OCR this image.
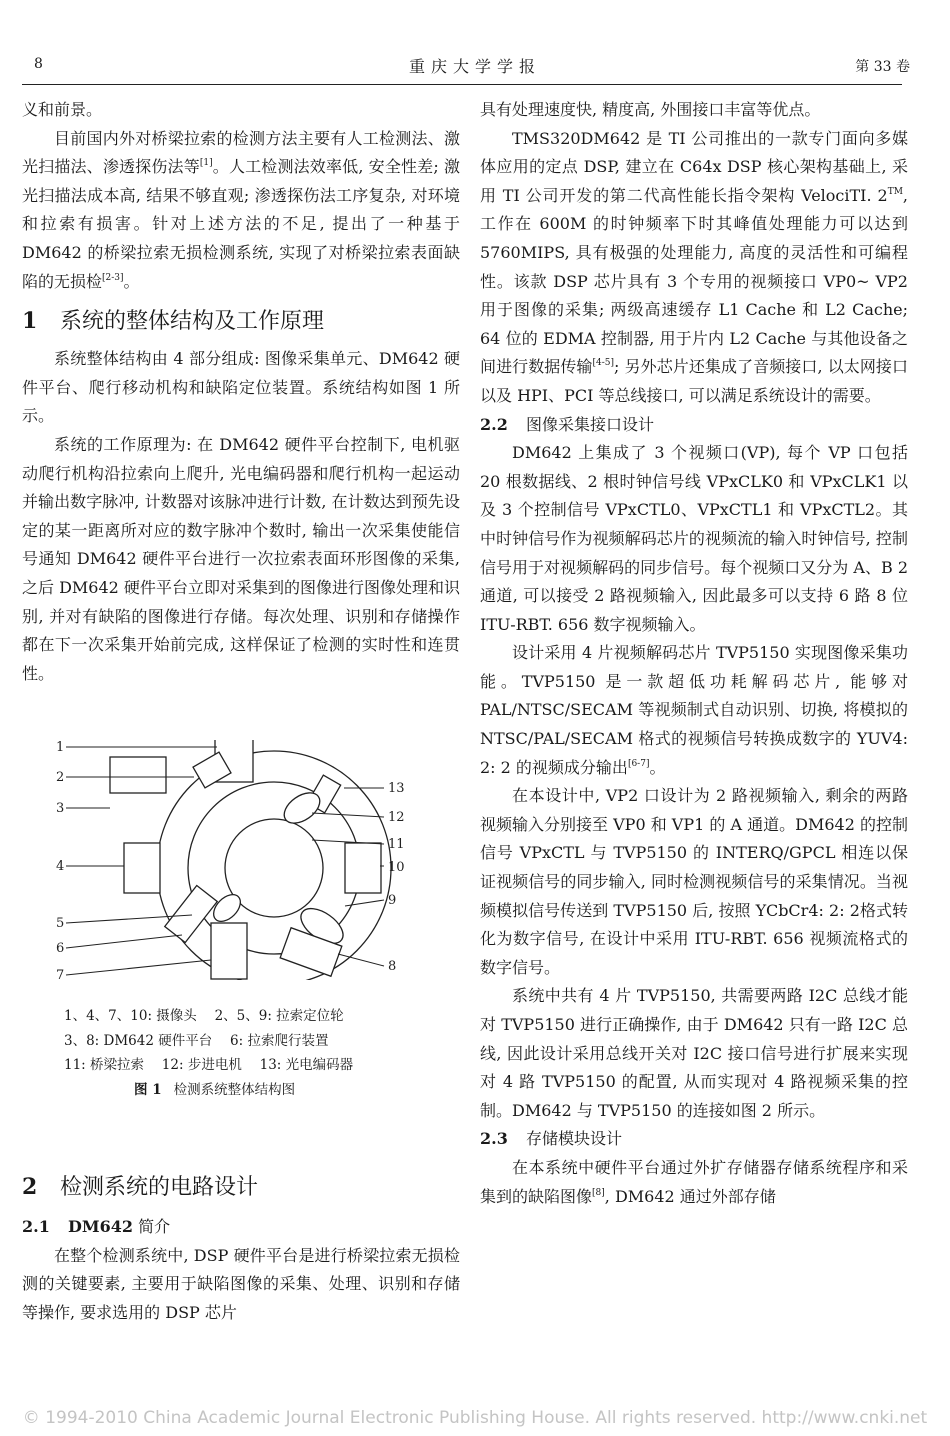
8	重庆大学学报	第 33 卷

义和前景。

目前国内外对桥梁拉索的检测方法主要有人工检测法、激光扫描法、渗透探伤法等[1]。人工检测法效率低, 安全性差; 激光扫描法成本高, 结果不够直观; 渗透探伤法工序复杂, 对环境和拉索有损害。针对上述方法的不足, 提出了一种基于 DM642 的桥梁拉索无损检测系统, 实现了对桥梁拉索表面缺陷的无损检[2-3]。

1 系统的整体结构及工作原理

系统整体结构由 4 部分组成: 图像采集单元、DM642 硬件平台、爬行移动机构和缺陷定位装置。系统结构如图 1 所示。

系统的工作原理为: 在 DM642 硬件平台控制下, 电机驱动爬行机构沿拉索向上爬升, 光电编码器和爬行机构一起运动并输出数字脉冲, 计数器对该脉冲进行计数, 在计数达到预先设定的某一距离所对应的数字脉冲个数时, 输出一次采集使能信号通知 DM642 硬件平台进行一次拉索表面环形图像的采集, 之后 DM642 硬件平台立即对采集到的图像进行图像处理和识别, 并对有缺陷的图像进行存储。每次处理、识别和存储操作都在下一次采集开始前完成, 这样保证了检测的实时性和连贯性。

1
2
3
4
5
6
7
13
12
11
10
9
8
1、4、7、10: 摄像头　 2、5、9: 拉索定位轮
3、8: DM642 硬件平台　 6: 拉索爬行装置
11: 桥梁拉索　 12: 步进电机　 13: 光电编码器
图 1 检测系统整体结构图
2 检测系统的电路设计
2.1 DM642 简介

在整个检测系统中, DSP 硬件平台是进行桥梁拉索无损检测的关键要素, 主要用于缺陷图像的采集、处理、识别和存储等操作, 要求选用的 DSP 芯片

具有处理速度快, 精度高, 外围接口丰富等优点。

TMS320DM642 是 TI 公司推出的一款专门面向多媒体应用的定点 DSP, 建立在 C64x DSP 核心架构基础上, 采用 TI 公司开发的第二代高性能长指令架构 VelociTI. 2™, 工作在 600M 的时钟频率下时其峰值处理能力可以达到 5760MIPS, 具有极强的处理能力, 高度的灵活性和可编程性。该款 DSP 芯片具有 3 个专用的视频接口 VP0~ VP2 用于图像的采集; 两级高速缓存 L1 Cache 和 L2 Cache; 64 位的 EDMA 控制器, 用于片内 L2 Cache 与其他设备之间进行数据传输[4-5]; 另外芯片还集成了音频接口, 以太网接口以及 HPI、PCI 等总线接口, 可以满足系统设计的需要。

2.2 图像采集接口设计

DM642 上集成了 3 个视频口(VP), 每个 VP 口包括 20 根数据线、2 根时钟信号线 VPxCLK0 和 VPxCLK1 以及 3 个控制信号 VPxCTL0、VPxCTL1 和 VPxCTL2。其中时钟信号作为视频解码芯片的视频流的输入时钟信号, 控制信号用于对视频解码的同步信号。每个视频口又分为 A、B 2 通道, 可以接受 2 路视频输入, 因此最多可以支持 6 路 8 位 ITU-RBT. 656 数字视频输入。

设计采用 4 片视频解码芯片 TVP5150 实现图像采集功能。TVP5150 是一款超低功耗解码芯片, 能够对 PAL/NTSC/SECAM 等视频制式自动识别、切换, 将模拟的 NTSC/PAL/SECAM 格式的视频信号转换成数字的 YUV4: 2: 2 的视频成分输出[6-7]。

在本设计中, VP2 口设计为 2 路视频输入, 剩余的两路视频输入分别接至 VP0 和 VP1 的 A 通道。DM642 的控制信号 VPxCTL 与 TVP5150 的 INTERQ/GPCL 相连以保证视频信号的同步输入, 同时检测视频信号的采集情况。当视频模拟信号传送到 TVP5150 后, 按照 YCbCr4: 2: 2格式转化为数字信号, 在设计中采用 ITU-RBT. 656 视频流格式的数字信号。

系统中共有 4 片 TVP5150, 共需要两路 I2C 总线才能对 TVP5150 进行正确操作, 由于 DM642 只有一路 I2C 总线, 因此设计采用总线开关对 I2C 接口信号进行扩展来实现对 4 路 TVP5150 的配置, 从而实现对 4 路视频采集的控制。DM642 与 TVP5150 的连接如图 2 所示。

2.3 存储模块设计

在本系统中硬件平台通过外扩存储器存储系统程序和采集到的缺陷图像[8], DM642 通过外部存储

© 1994-2010 China Academic Journal Electronic Publishing House. All rights reserved. http://www.cnki.net
